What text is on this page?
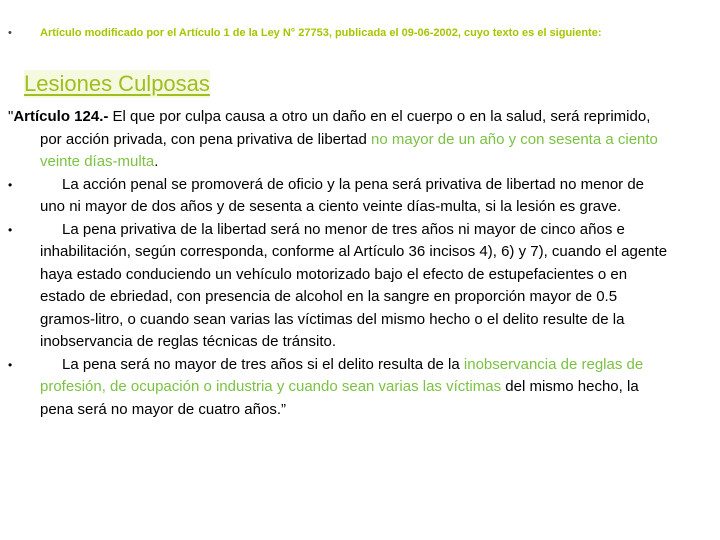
•	Artículo modificado por el Artículo 1 de la Ley N° 27753, publicada el 09-06-2002, cuyo texto es el siguiente:
Lesiones Culposas

"Artículo 124.- El que por culpa causa a otro un daño en el cuerpo o en la salud, será reprimido, por acción privada, con pena privativa de libertad no mayor de un año y con sesenta a ciento veinte días-multa.

•	La acción penal se promoverá de oficio y la pena será privativa de libertad no menor de uno ni mayor de dos años y de sesenta a ciento veinte días-multa, si la lesión es grave.
•	La pena privativa de la libertad será no menor de tres años ni mayor de cinco años e inhabilitación, según corresponda, conforme al Artículo 36 incisos 4), 6) y 7), cuando el agente haya estado conduciendo un vehículo motorizado bajo el efecto de estupefacientes o en estado de ebriedad, con presencia de alcohol en la sangre en proporción mayor de 0.5 gramos-litro, o cuando sean varias las víctimas del mismo hecho o el delito resulte de la inobservancia de reglas técnicas de tránsito.
•	La pena será no mayor de tres años si el delito resulta de la inobservancia de reglas de profesión, de ocupación o industria y cuando sean varias las víctimas del mismo hecho, la pena será no mayor de cuatro años.”
